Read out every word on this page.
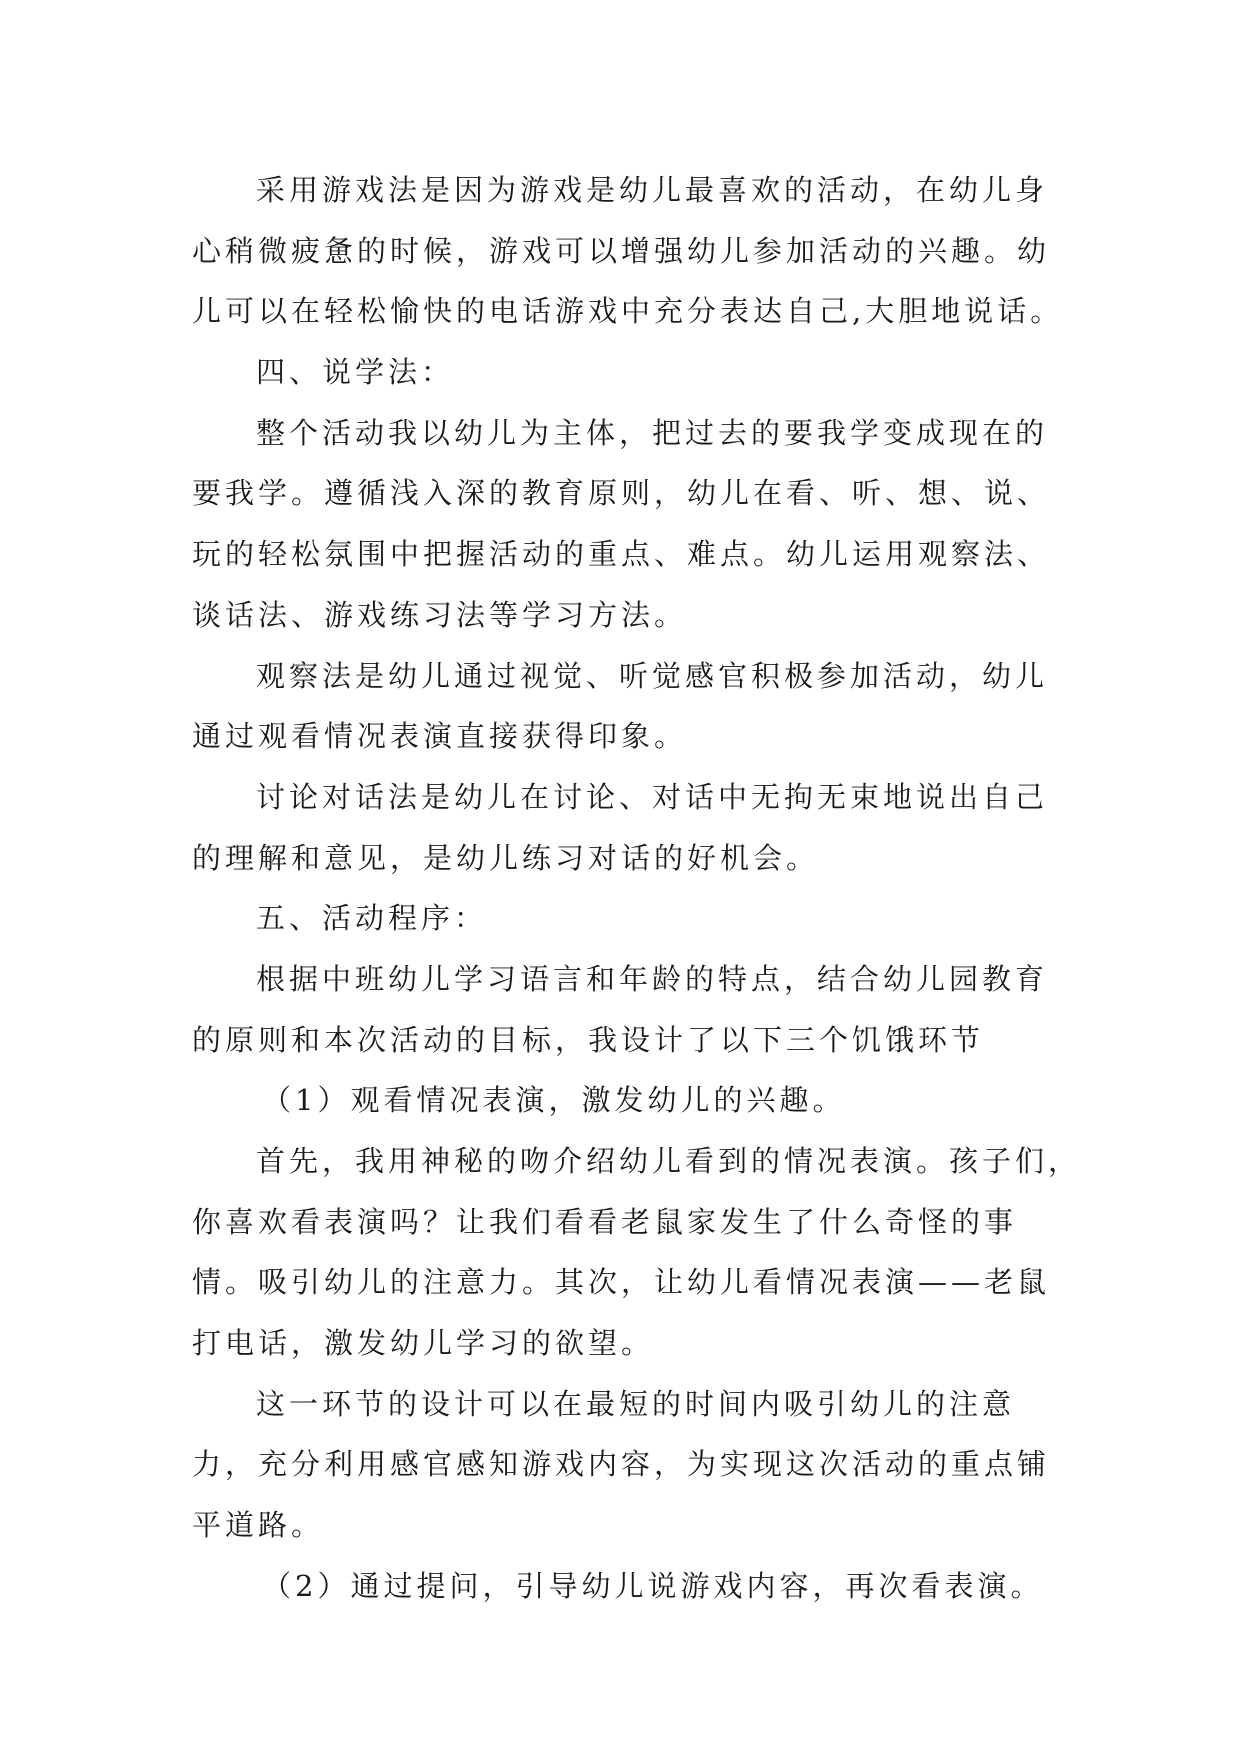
采用游戏法是因为游戏是幼儿最喜欢的活动，在幼儿身
心稍微疲惫的时候，游戏可以增强幼儿参加活动的兴趣。幼
儿可以在轻松愉快的电话游戏中充分表达自己,大胆地说话。
四、说学法：
整个活动我以幼儿为主体，把过去的要我学变成现在的
要我学。遵循浅入深的教育原则，幼儿在看、听、想、说、
玩的轻松氛围中把握活动的重点、难点。幼儿运用观察法、
谈话法、游戏练习法等学习方法。
观察法是幼儿通过视觉、听觉感官积极参加活动，幼儿
通过观看情况表演直接获得印象。
讨论对话法是幼儿在讨论、对话中无拘无束地说出自己
的理解和意见，是幼儿练习对话的好机会。
五、活动程序：
根据中班幼儿学习语言和年龄的特点，结合幼儿园教育
的原则和本次活动的目标，我设计了以下三个饥饿环节
（1）观看情况表演，激发幼儿的兴趣。
首先，我用神秘的吻介绍幼儿看到的情况表演。孩子们，
你喜欢看表演吗？让我们看看老鼠家发生了什么奇怪的事
情。吸引幼儿的注意力。其次，让幼儿看情况表演——老鼠
打电话，激发幼儿学习的欲望。
这一环节的设计可以在最短的时间内吸引幼儿的注意
力，充分利用感官感知游戏内容，为实现这次活动的重点铺
平道路。
（2）通过提问，引导幼儿说游戏内容，再次看表演。
